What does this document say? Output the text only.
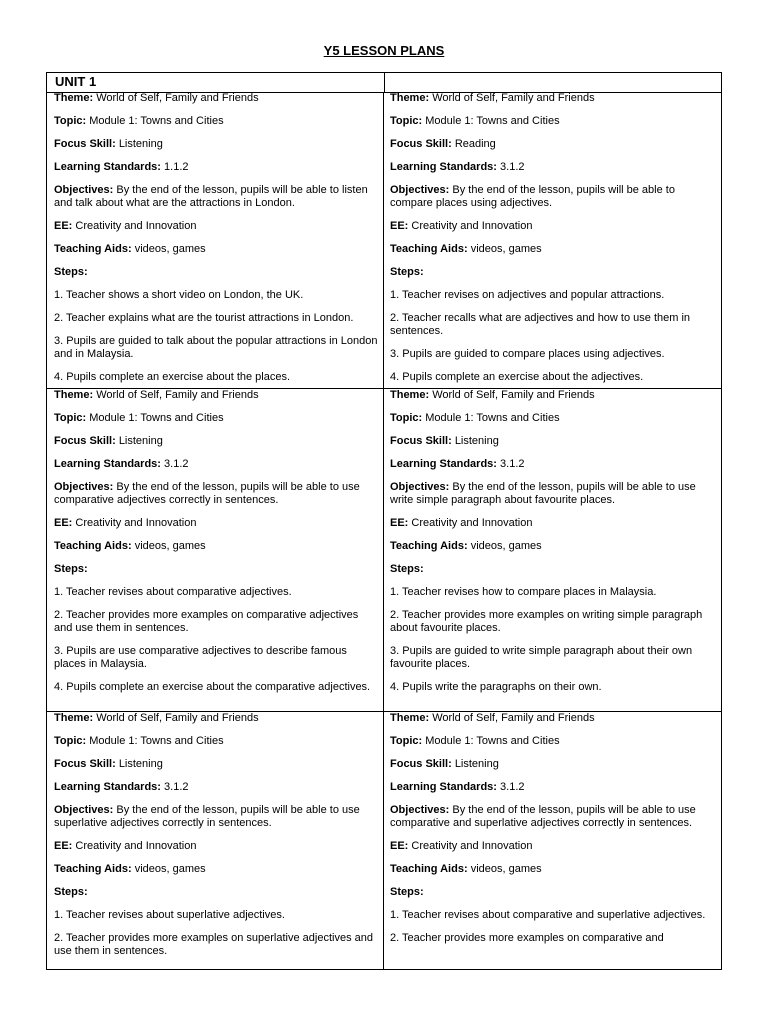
Y5 LESSON PLANS
UNIT 1

Theme: World of Self, Family and Friends

Topic: Module 1: Towns and Cities

Focus Skill: Listening

Learning Standards: 1.1.2

Objectives: By the end of the lesson, pupils will be able to listen and talk about what are the attractions in London.

EE: Creativity and Innovation

Teaching Aids: videos, games

Steps:

1. Teacher shows a short video on London, the UK.

2. Teacher explains what are the tourist attractions in London.

3. Pupils are guided to talk about the popular attractions in London and in Malaysia.

4. Pupils complete an exercise about the places.

Theme: World of Self, Family and Friends

Topic: Module 1: Towns and Cities

Focus Skill: Reading

Learning Standards: 3.1.2

Objectives: By the end of the lesson, pupils will be able to compare places using adjectives.

EE: Creativity and Innovation

Teaching Aids: videos, games

Steps:

1. Teacher revises on adjectives and popular attractions.

2. Teacher recalls what are adjectives and how to use them in sentences.

3. Pupils are guided to compare places using adjectives.

4. Pupils complete an exercise about the adjectives.

Theme: World of Self, Family and Friends

Topic: Module 1: Towns and Cities

Focus Skill: Listening

Learning Standards: 3.1.2

Objectives: By the end of the lesson, pupils will be able to use comparative adjectives correctly in sentences.

EE: Creativity and Innovation

Teaching Aids: videos, games

Steps:

1. Teacher revises about comparative adjectives.

2. Teacher provides more examples on comparative adjectives and use them in sentences.

3. Pupils are use comparative adjectives to describe famous places in Malaysia.

4. Pupils complete an exercise about the comparative adjectives.

Theme: World of Self, Family and Friends

Topic: Module 1: Towns and Cities

Focus Skill: Listening

Learning Standards: 3.1.2

Objectives: By the end of the lesson, pupils will be able to use write simple paragraph about favourite places.

EE: Creativity and Innovation

Teaching Aids: videos, games

Steps:

1. Teacher revises how to compare places in Malaysia.

2. Teacher provides more examples on writing simple paragraph about favourite places.

3. Pupils are guided to write simple paragraph about their own favourite places.

4. Pupils write the paragraphs on their own.

Theme: World of Self, Family and Friends

Topic: Module 1: Towns and Cities

Focus Skill: Listening

Learning Standards: 3.1.2

Objectives: By the end of the lesson, pupils will be able to use superlative adjectives correctly in sentences.

EE: Creativity and Innovation

Teaching Aids: videos, games

Steps:

1. Teacher revises about superlative adjectives.

2. Teacher provides more examples on superlative adjectives and use them in sentences.

Theme: World of Self, Family and Friends

Topic: Module 1: Towns and Cities

Focus Skill: Listening

Learning Standards: 3.1.2

Objectives: By the end of the lesson, pupils will be able to use comparative and superlative adjectives correctly in sentences.

EE: Creativity and Innovation

Teaching Aids: videos, games

Steps:

1. Teacher revises about comparative and superlative adjectives.

2. Teacher provides more examples on comparative and
